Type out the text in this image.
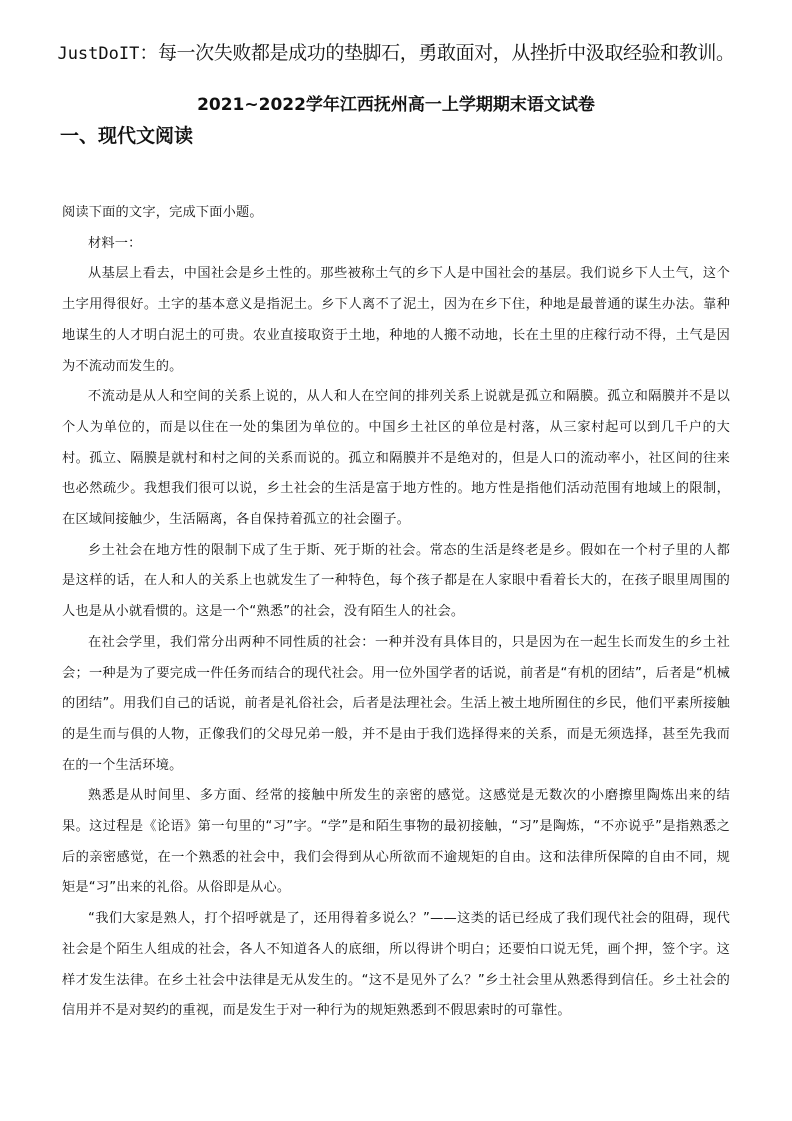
JustDoIT：每一次失败都是成功的垫脚石，勇敢面对，从挫折中汲取经验和教训。
2021~2022学年江西抚州高一上学期期末语文试卷
一、现代文阅读

阅读下面的文字，完成下面小题。

材料一：

从基层上看去，中国社会是乡土性的。那些被称土气的乡下人是中国社会的基层。我们说乡下人土气，这个土字用得很好。土字的基本意义是指泥土。乡下人离不了泥土，因为在乡下住，种地是最普通的谋生办法。靠种地谋生的人才明白泥土的可贵。农业直接取资于土地，种地的人搬不动地，长在土里的庄稼行动不得，土气是因为不流动而发生的。

不流动是从人和空间的关系上说的，从人和人在空间的排列关系上说就是孤立和隔膜。孤立和隔膜并不是以个人为单位的，而是以住在一处的集团为单位的。中国乡土社区的单位是村落，从三家村起可以到几千户的大村。孤立、隔膜是就村和村之间的关系而说的。孤立和隔膜并不是绝对的，但是人口的流动率小，社区间的往来也必然疏少。我想我们很可以说，乡土社会的生活是富于地方性的。地方性是指他们活动范围有地域上的限制，在区域间接触少，生活隔离，各自保持着孤立的社会圈子。

乡土社会在地方性的限制下成了生于斯、死于斯的社会。常态的生活是终老是乡。假如在一个村子里的人都是这样的话，在人和人的关系上也就发生了一种特色，每个孩子都是在人家眼中看着长大的，在孩子眼里周围的人也是从小就看惯的。这是一个“熟悉”的社会，没有陌生人的社会。

在社会学里，我们常分出两种不同性质的社会：一种并没有具体目的，只是因为在一起生长而发生的乡土社会；一种是为了要完成一件任务而结合的现代社会。用一位外国学者的话说，前者是“有机的团结”，后者是“机械的团结”。用我们自己的话说，前者是礼俗社会，后者是法理社会。生活上被土地所囿住的乡民，他们平素所接触的是生而与俱的人物，正像我们的父母兄弟一般，并不是由于我们选择得来的关系，而是无须选择，甚至先我而在的一个生活环境。

熟悉是从时间里、多方面、经常的接触中所发生的亲密的感觉。这感觉是无数次的小磨擦里陶炼出来的结果。这过程是《论语》第一句里的“习”字。“学”是和陌生事物的最初接触，“习”是陶炼，“不亦说乎”是指熟悉之后的亲密感觉，在一个熟悉的社会中，我们会得到从心所欲而不逾规矩的自由。这和法律所保障的自由不同，规矩是“习”出来的礼俗。从俗即是从心。

“我们大家是熟人，打个招呼就是了，还用得着多说么？”——这类的话已经成了我们现代社会的阻碍，现代社会是个陌生人组成的社会，各人不知道各人的底细，所以得讲个明白；还要怕口说无凭，画个押，签个字。这样才发生法律。在乡土社会中法律是无从发生的。“这不是见外了么？”乡土社会里从熟悉得到信任。乡土社会的信用并不是对契约的重视，而是发生于对一种行为的规矩熟悉到不假思索时的可靠性。
